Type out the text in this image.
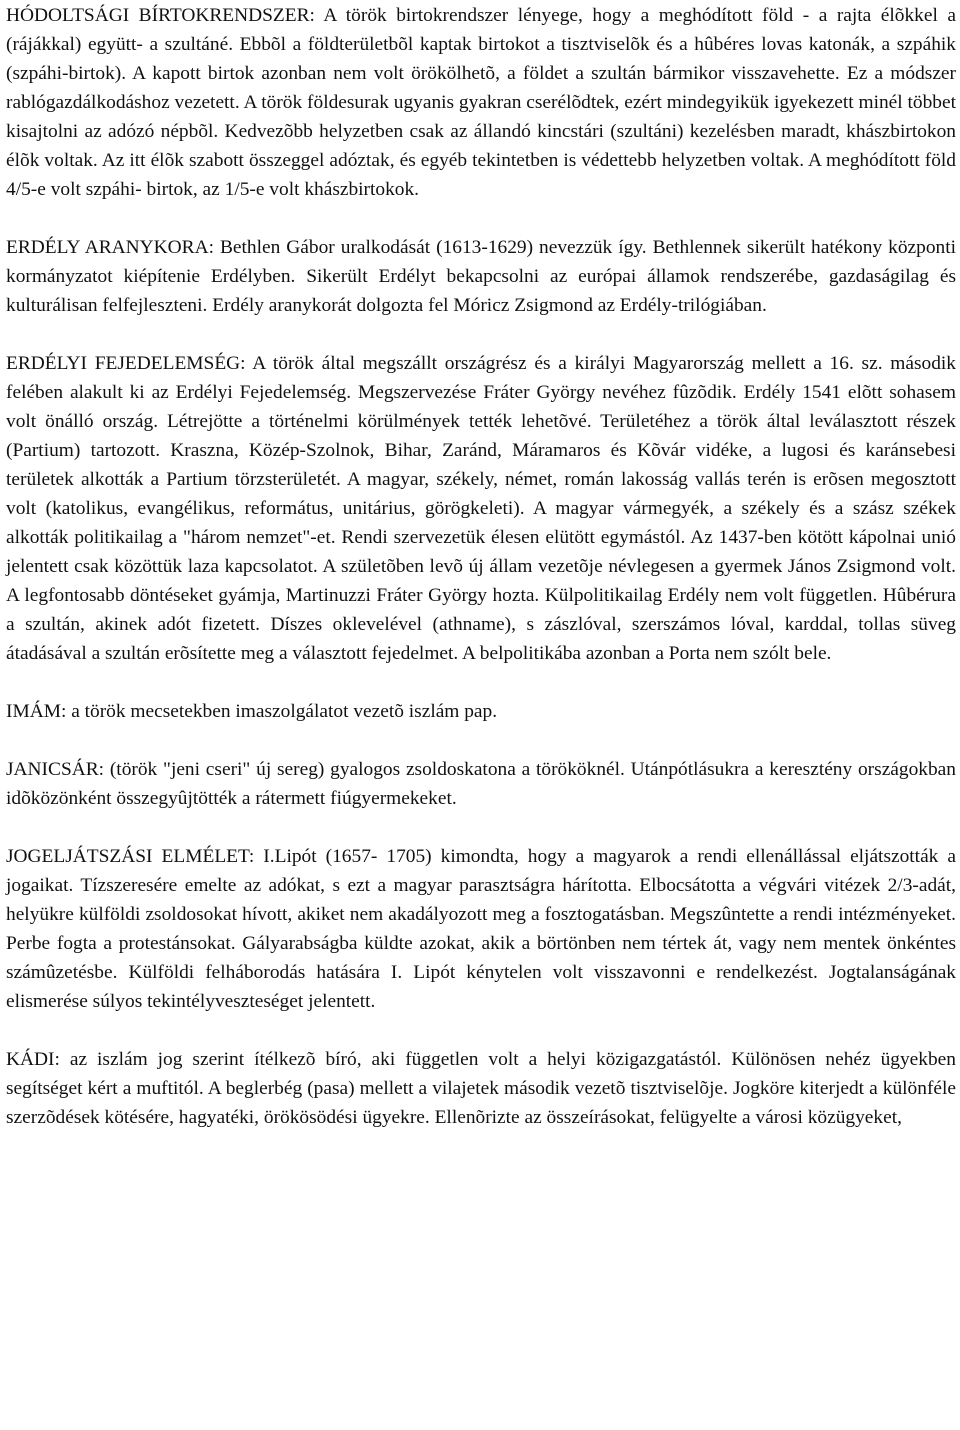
HÓDOLTSÁGI BÍRTOKRENDSZER: A török birtokrendszer lényege, hogy a meghódított föld - a rajta élõkkel a (rájákkal) együtt- a szultáné. Ebbõl a földterületbõl kaptak birtokot a tisztviselõk és a hûbéres lovas katonák, a szpáhik (szpáhi-birtok). A kapott birtok azonban nem volt örökölhetõ, a földet a szultán bármikor visszavehette. Ez a módszer rablógazdálkodáshoz vezetett. A török földesurak ugyanis gyakran cserélõdtek, ezért mindegyikük igyekezett minél többet kisajtolni az adózó népbõl. Kedvezõbb helyzetben csak az állandó kincstári (szultáni) kezelésben maradt, khászbirtokon élõk voltak. Az itt élõk szabott összeggel adóztak, és egyéb tekintetben is védettebb helyzetben voltak. A meghódított föld 4/5-e volt szpáhi- birtok, az 1/5-e volt khászbirtokok.

ERDÉLY ARANYKORA: Bethlen Gábor uralkodását (1613-1629) nevezzük így. Bethlennek sikerült hatékony központi kormányzatot kiépítenie Erdélyben. Sikerült Erdélyt bekapcsolni az európai államok rendszerébe, gazdaságilag és kulturálisan felfejleszteni. Erdély aranykorát dolgozta fel Móricz Zsigmond az Erdély-trilógiában.

ERDÉLYI FEJEDELEMSÉG: A török által megszállt országrész és a királyi Magyarország mellett a 16. sz. második felében alakult ki az Erdélyi Fejedelemség. Megszervezése Fráter György nevéhez fûzõdik. Erdély 1541 elõtt sohasem volt önálló ország. Létrejötte a történelmi körülmények tették lehetõvé. Területéhez a török által leválasztott részek (Partium) tartozott. Kraszna, Közép-Szolnok, Bihar, Zaránd, Máramaros és Kõvár vidéke, a lugosi és karánsebesi területek alkották a Partium törzsterületét. A magyar, székely, német, román lakosság vallás terén is erõsen megosztott volt (katolikus, evangélikus, református, unitárius, görögkeleti). A magyar vármegyék, a székely és a szász székek alkották politikailag a "három nemzet"-et. Rendi szervezetük élesen elütött egymástól. Az 1437-ben kötött kápolnai unió jelentett csak közöttük laza kapcsolatot. A születõben levõ új állam vezetõje névlegesen a gyermek János Zsigmond volt. A legfontosabb döntéseket gyámja, Martinuzzi Fráter György hozta. Külpolitikailag Erdély nem volt független. Hûbérura a szultán, akinek adót fizetett. Díszes oklevelével (athname), s zászlóval, szerszámos lóval, karddal, tollas süveg átadásával a szultán erõsítette meg a választott fejedelmet. A belpolitikába azonban a Porta nem szólt bele.

IMÁM: a török mecsetekben imaszolgálatot vezetõ iszlám pap.

JANICSÁR: (török "jeni cseri" új sereg) gyalogos zsoldoskatona a törököknél. Utánpótlásukra a keresztény országokban idõközönként összegyûjtötték a rátermett fiúgyermekeket.

JOGELJÁTSZÁSI ELMÉLET: I.Lipót (1657- 1705) kimondta, hogy a magyarok a rendi ellenállással eljátszották a jogaikat. Tízszeresére emelte az adókat, s ezt a magyar parasztságra hárította. Elbocsátotta a végvári vitézek 2/3-adát, helyükre külföldi zsoldosokat hívott, akiket nem akadályozott meg a fosztogatásban. Megszûntette a rendi intézményeket. Perbe fogta a protestánsokat. Gályarabságba küldte azokat, akik a börtönben nem tértek át, vagy nem mentek önkéntes számûzetésbe. Külföldi felháborodás hatására I. Lipót kénytelen volt visszavonni e rendelkezést. Jogtalanságának elismerése súlyos tekintélyveszteséget jelentett.

KÁDI: az iszlám jog szerint ítélkezõ bíró, aki független volt a helyi közigazgatástól. Különösen nehéz ügyekben segítséget kért a muftitól. A beglerbég (pasa) mellett a vilajetek második vezetõ tisztviselõje. Jogköre kiterjedt a különféle szerzõdések kötésére, hagyatéki, örökösödési ügyekre. Ellenõrizte az összeírásokat, felügyelte a városi közügyeket,
